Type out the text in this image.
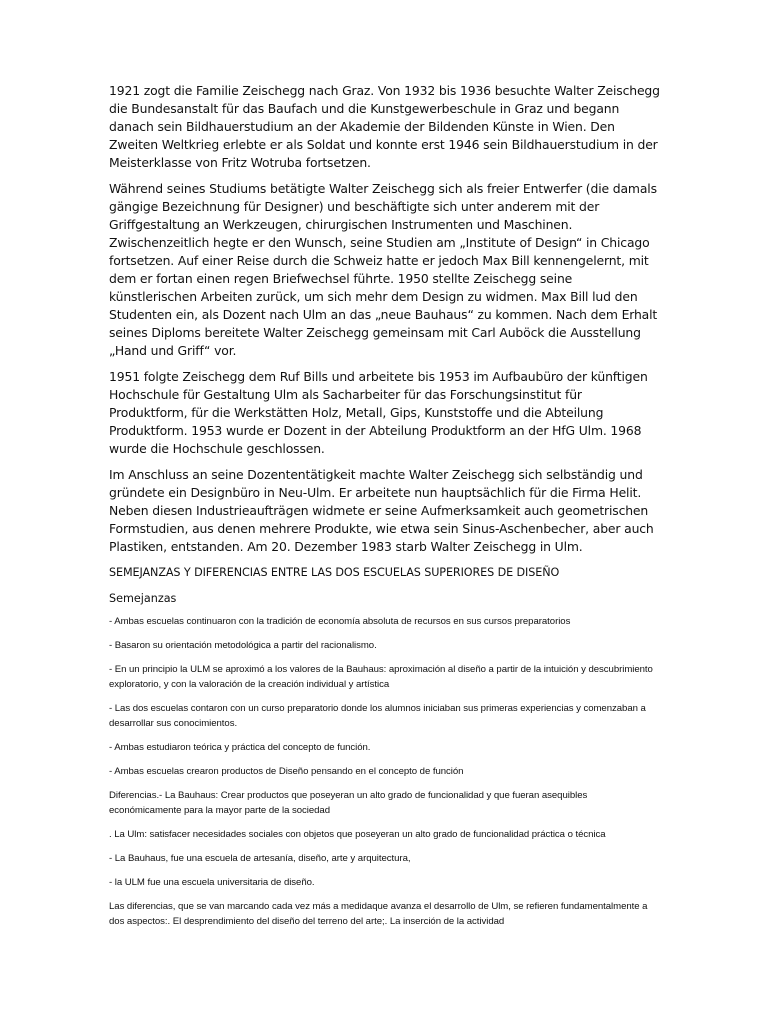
1921 zogt die Familie Zeischegg nach Graz. Von 1932 bis 1936 besuchte Walter Zeischegg die Bundesanstalt für das Baufach und die Kunstgewerbeschule in Graz und begann danach sein Bildhauerstudium an der Akademie der Bildenden Künste in Wien. Den Zweiten Weltkrieg erlebte er als Soldat und konnte erst 1946 sein Bildhauerstudium in der Meisterklasse von Fritz Wotruba fortsetzen.

Während seines Studiums betätigte Walter Zeischegg sich als freier Entwerfer (die damals gängige Bezeichnung für Designer) und beschäftigte sich unter anderem mit der Griffgestaltung an Werkzeugen, chirurgischen Instrumenten und Maschinen. Zwischenzeitlich hegte er den Wunsch, seine Studien am „Institute of Design“ in Chicago fortsetzen. Auf einer Reise durch die Schweiz hatte er jedoch Max Bill kennengelernt, mit dem er fortan einen regen Briefwechsel führte. 1950 stellte Zeischegg seine künstlerischen Arbeiten zurück, um sich mehr dem Design zu widmen. Max Bill lud den Studenten ein, als Dozent nach Ulm an das „neue Bauhaus“ zu kommen. Nach dem Erhalt seines Diploms bereitete Walter Zeischegg gemeinsam mit Carl Auböck die Ausstellung „Hand und Griff“ vor.

1951 folgte Zeischegg dem Ruf Bills und arbeitete bis 1953 im Aufbaubüro der künftigen Hochschule für Gestaltung Ulm als Sacharbeiter für das Forschungsinstitut für Produktform, für die Werkstätten Holz, Metall, Gips, Kunststoffe und die Abteilung Produktform. 1953 wurde er Dozent in der Abteilung Produktform an der HfG Ulm. 1968 wurde die Hochschule geschlossen.

Im Anschluss an seine Dozententätigkeit machte Walter Zeischegg sich selbständig und gründete ein Designbüro in Neu-Ulm. Er arbeitete nun hauptsächlich für die Firma Helit. Neben diesen Industrieaufträgen widmete er seine Aufmerksamkeit auch geometrischen Formstudien, aus denen mehrere Produkte, wie etwa sein Sinus-Aschenbecher, aber auch Plastiken, entstanden. Am 20. Dezember 1983 starb Walter Zeischegg in Ulm.

SEMEJANZAS Y DIFERENCIAS ENTRE LAS DOS ESCUELAS SUPERIORES DE DISEÑO

Semejanzas

- Ambas escuelas continuaron con la tradición de economía absoluta de recursos en sus cursos preparatorios

- Basaron su orientación metodológica a partir del racionalismo.

- En un principio la ULM se aproximó a los valores de la Bauhaus: aproximación al diseño a partir de la intuición y descubrimiento exploratorio, y con la valoración de la creación individual y artística

- Las dos escuelas contaron con un curso preparatorio donde los alumnos iniciaban sus primeras experiencias y comenzaban a desarrollar sus conocimientos.

- Ambas estudiaron teórica y práctica del concepto de función.

- Ambas escuelas crearon productos de Diseño pensando en el concepto de función

Diferencias.- La Bauhaus: Crear productos que poseyeran un alto grado de funcionalidad y que fueran asequibles económicamente para la mayor parte de la sociedad

. La Ulm: satisfacer necesidades sociales con objetos que poseyeran un alto grado de funcionalidad práctica o técnica

- La Bauhaus, fue una escuela de artesanía, diseño, arte y arquitectura,

- la ULM fue una escuela universitaria de diseño.

Las diferencias, que se van marcando cada vez más a medidaque avanza el desarrollo de Ulm, se refieren fundamentalmente a dos aspectos:. El desprendimiento del diseño del terreno del arte;. La inserción de la actividad
